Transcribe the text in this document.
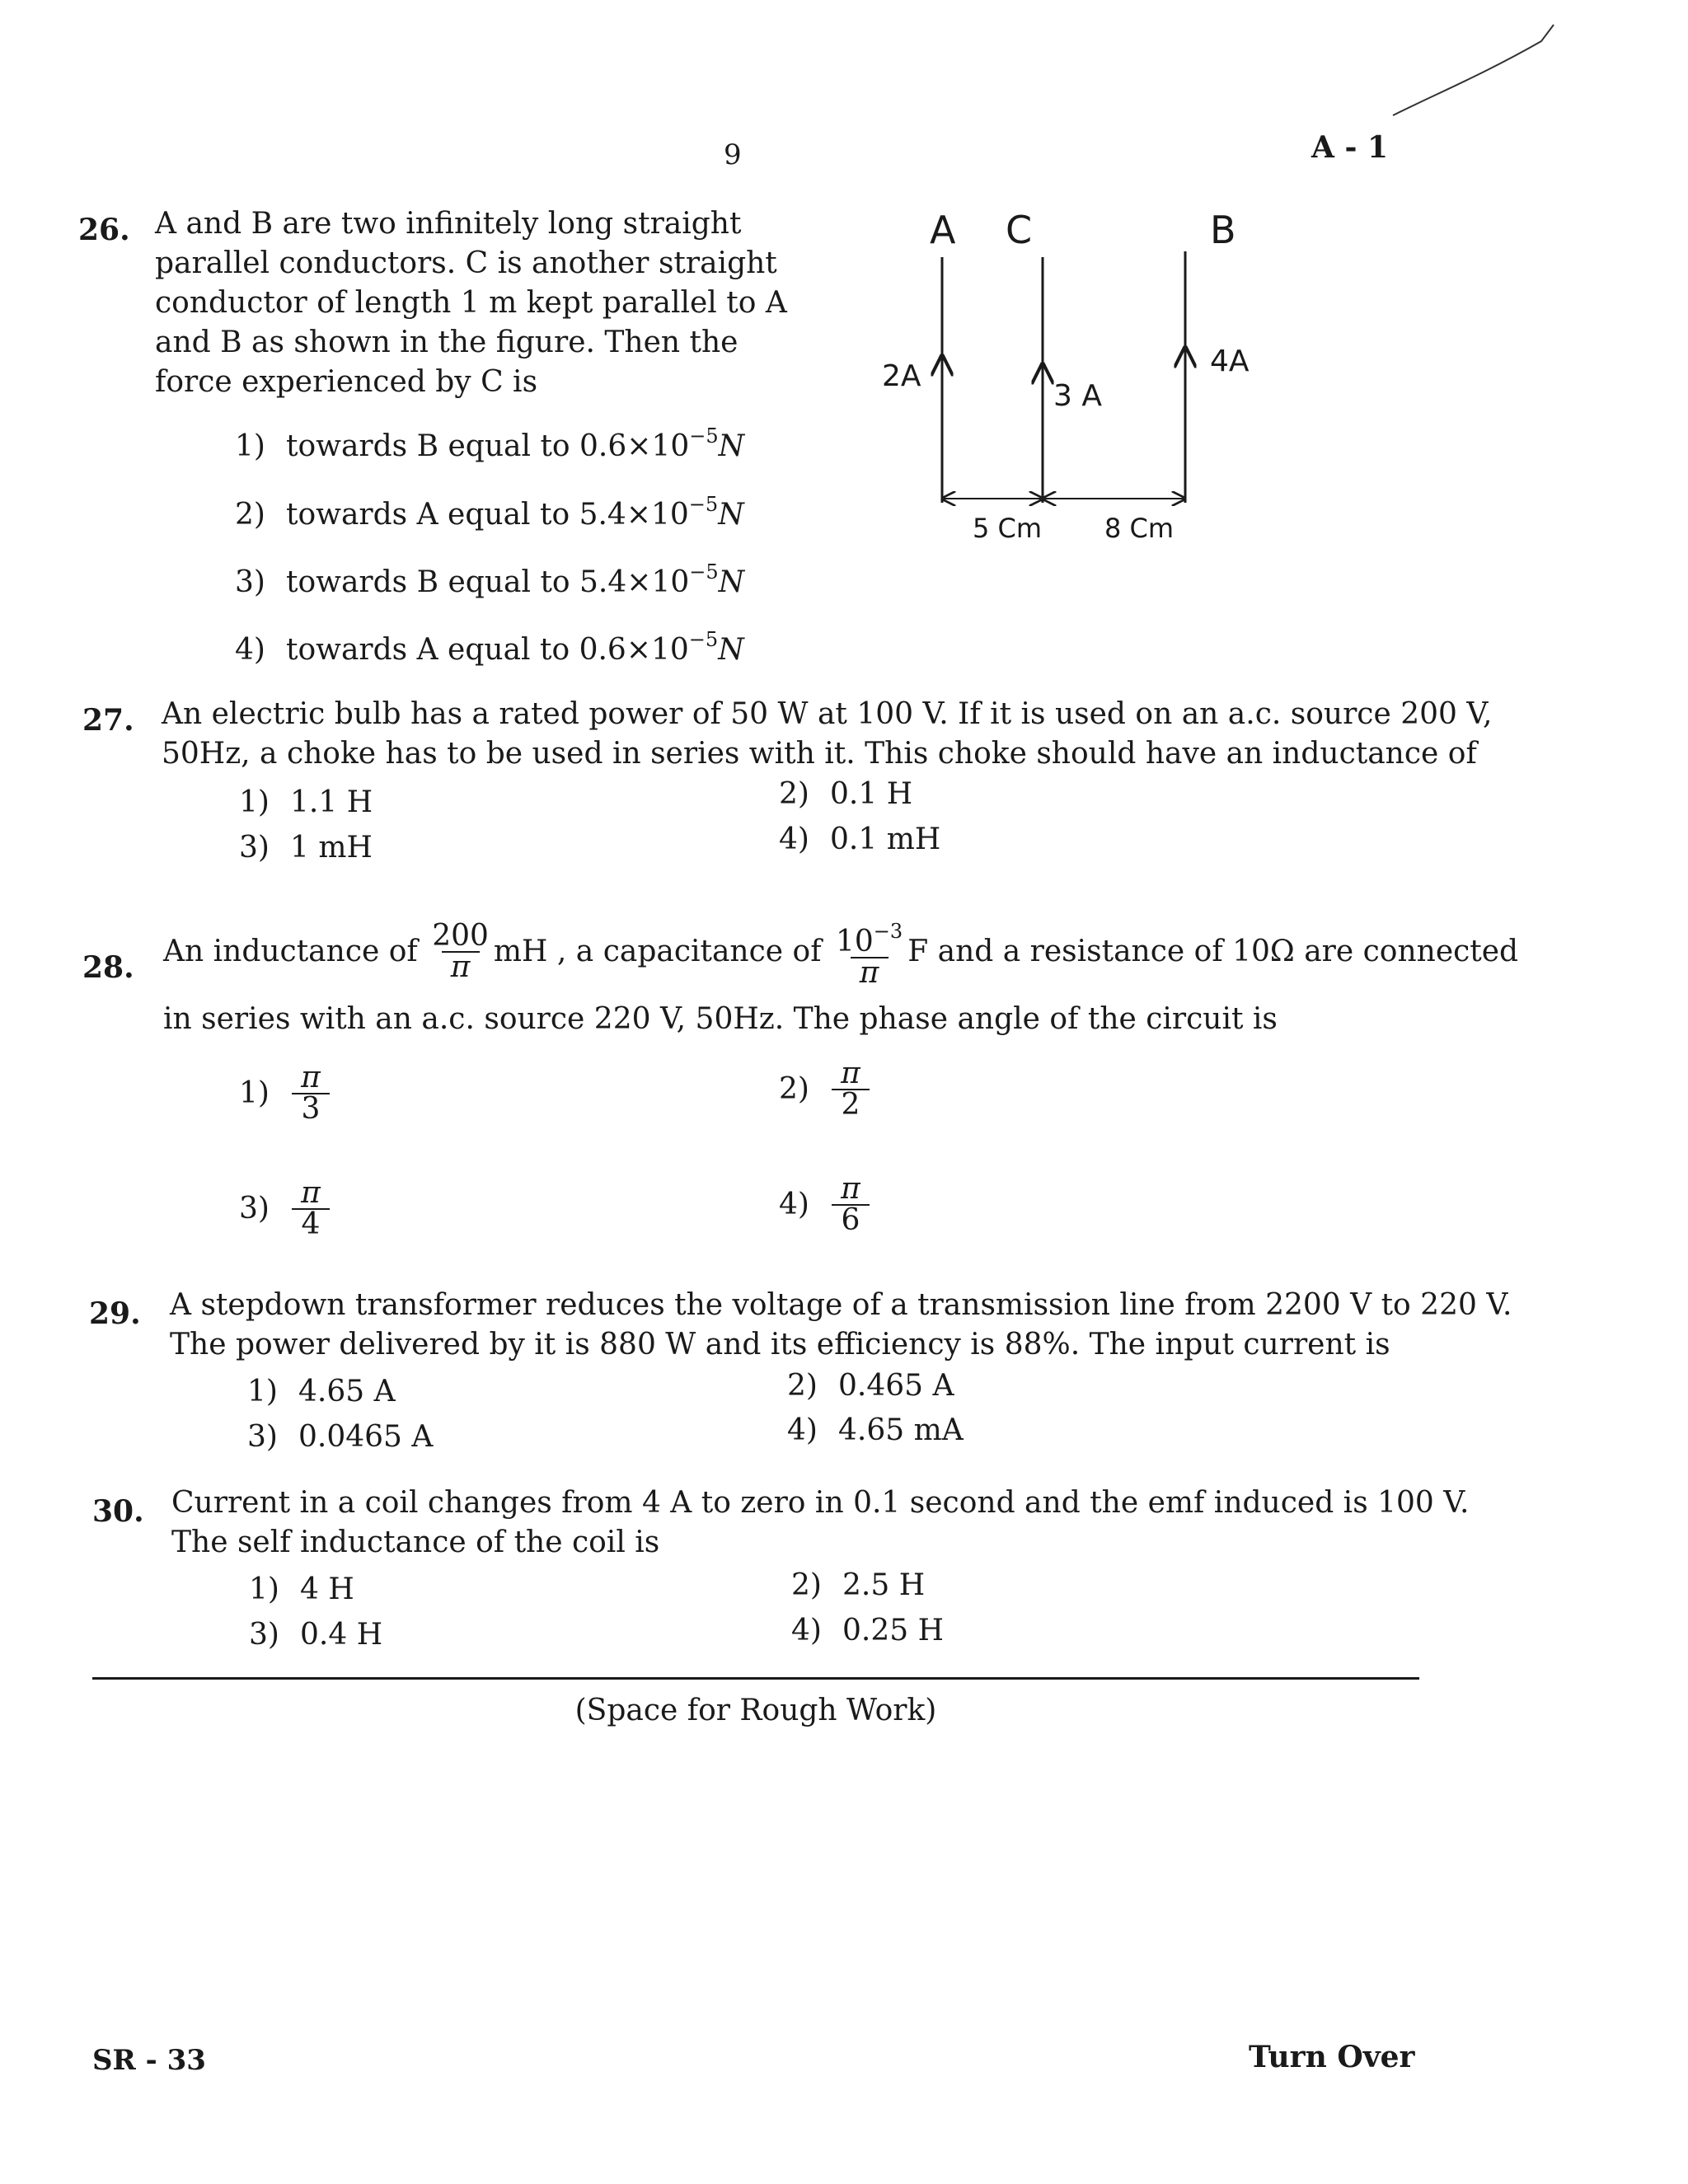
9	A - 1
26. A and B are two infinitely long straight

parallel conductors. C is another straight

conductor of length 1 m kept parallel to A

and B as shown in the figure. Then the

force experienced by C is

1) towards B equal to $0.6\times 10^{-5}N$
2) towards A equal to $5.4\times 10^{-5}N$
3) towards B equal to $5.4\times 10^{-5}N$
4) towards A equal to $0.6\times 10^{-5}N$
A C	B
2A
3 A
4A
5 Cm 8 Cm
27. An electric bulb has a rated power of 50 W at 100 V. If it is used on an a.c. source 200 V,

50Hz, a choke has to be used in series with it. This choke should have an inductance of

1) 1.1 H	2) 0.1 H
3) 1 mH	4) 0.1 mH
28. An inductance of
$\frac{200}{\pi}$ mH , a capacitance of
$\frac{10^{-3}}{\pi}$ F and a resistance of 10Ω are connected

in series with an a.c. source 220 V, 50Hz. The phase angle of the circuit is

$1) \frac{\pi}{3}$	$2) \frac{\pi}{2}$
$3) \frac{\pi}{4}$	$4) \frac{\pi}{6}$
29. A stepdown transformer reduces the voltage of a transmission line from 2200 V to 220 V.

The power delivered by it is 880 W and its efficiency is 88%. The input current is

1) 4.65 A	2) 0.465 A
3) 0.0465 A	4) 4.65 mA
30. Current in a coil changes from 4 A to zero in 0.1 second and the emf induced is 100 V.

The self inductance of the coil is

1) 4 H	2) 2.5 H
3) 0.4 H	4) 0.25 H
(Space for Rough Work)
SR - 33	Turn Over
